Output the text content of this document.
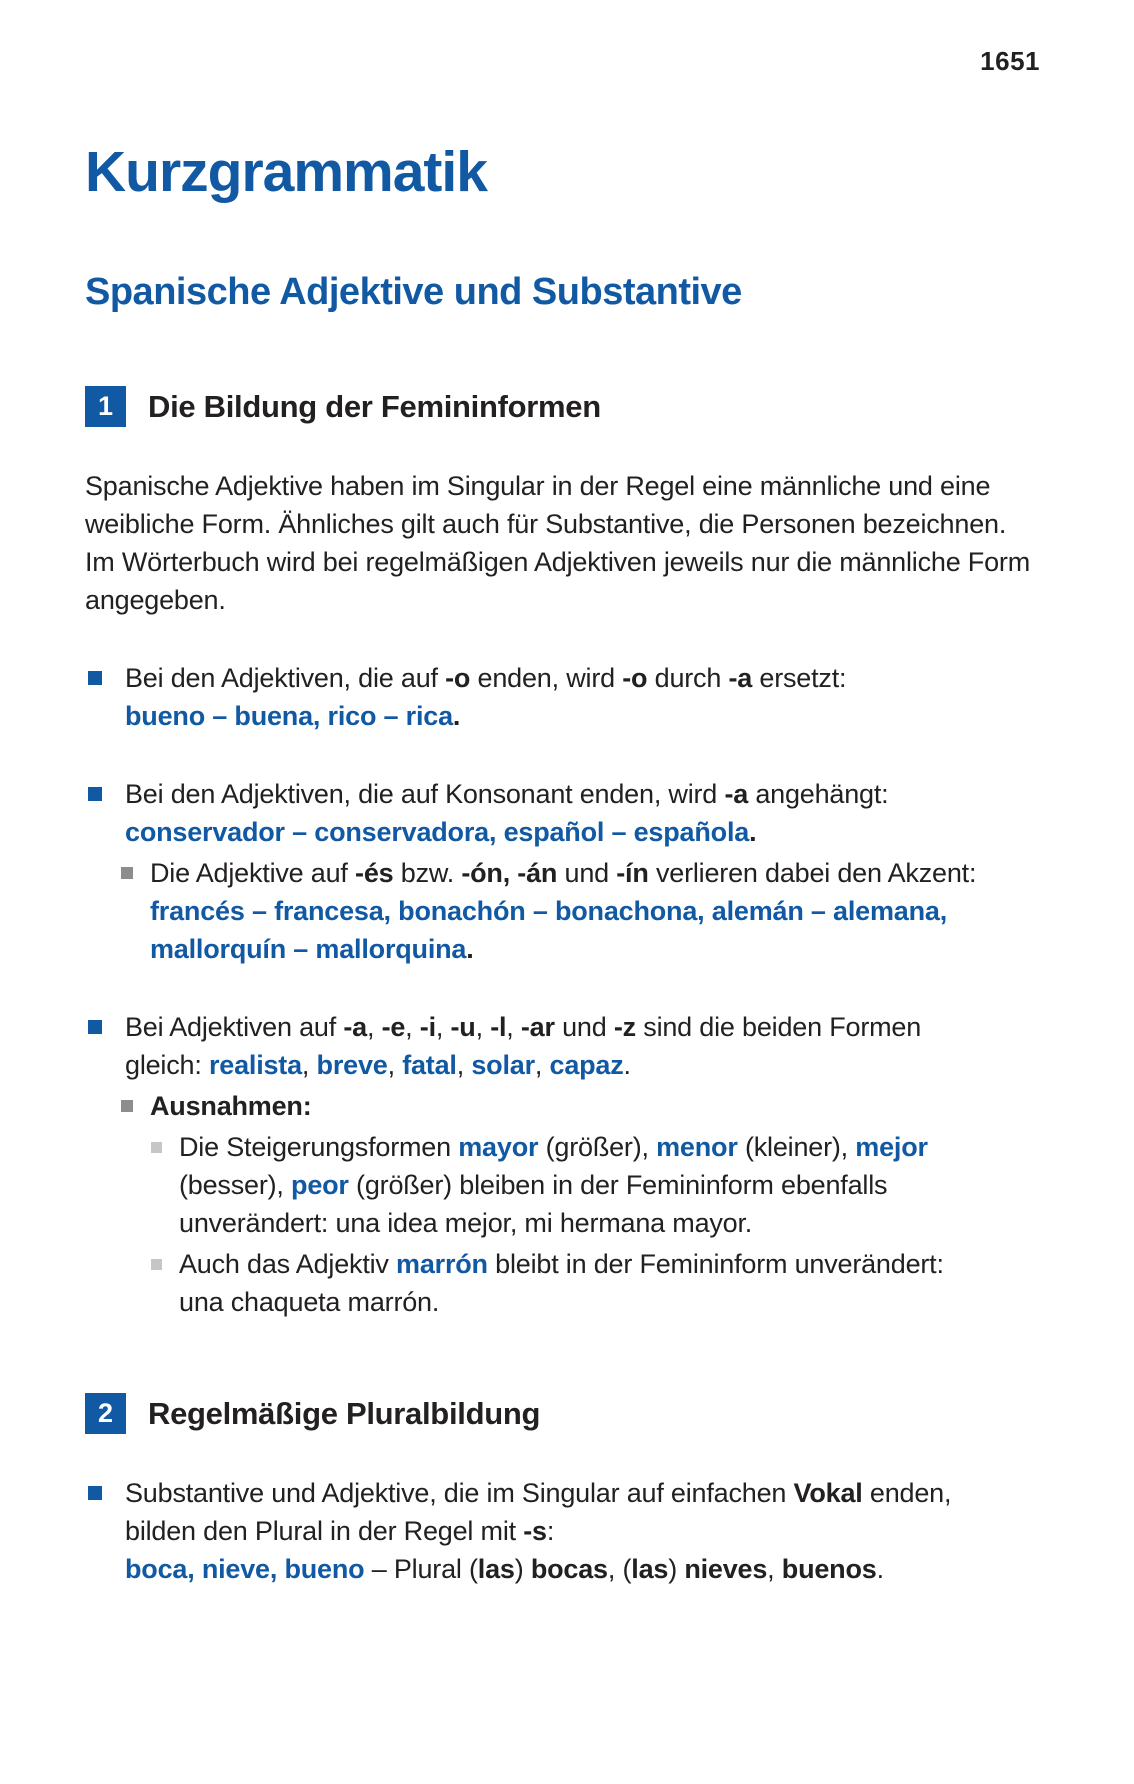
1651
Kurzgrammatik
Spanische Adjektive und Substantive
1	Die Bildung der Femininformen
Spanische Adjektive haben im Singular in der Regel eine männliche und eine weibliche Form. Ähnliches gilt auch für Substantive, die Personen bezeichnen.
Im Wörterbuch wird bei regelmäßigen Adjektiven jeweils nur die männliche Form angegeben.
Bei den Adjektiven, die auf -o enden, wird -o durch -a ersetzt:
bueno – buena, rico – rica.
Bei den Adjektiven, die auf Konsonant enden, wird -a angehängt:
conservador – conservadora, español – española.
Die Adjektive auf -és bzw. -ón, -án und -ín verlieren dabei den Akzent:
francés – francesa, bonachón – bonachona, alemán – alemana,
mallorquín – mallorquina.
Bei Adjektiven auf -a, -e, -i, -u, -l, -ar und -z sind die beiden Formen
gleich: realista, breve, fatal, solar, capaz.
Ausnahmen:
Die Steigerungsformen mayor (größer), menor (kleiner), mejor
(besser), peor (größer) bleiben in der Femininform ebenfalls
unverändert: una idea mejor, mi hermana mayor.
Auch das Adjektiv marrón bleibt in der Femininform unverändert:
una chaqueta marrón.
2	Regelmäßige Pluralbildung
Substantive und Adjektive, die im Singular auf einfachen Vokal enden,
bilden den Plural in der Regel mit -s:
boca, nieve, bueno – Plural (las) bocas, (las) nieves, buenos.
